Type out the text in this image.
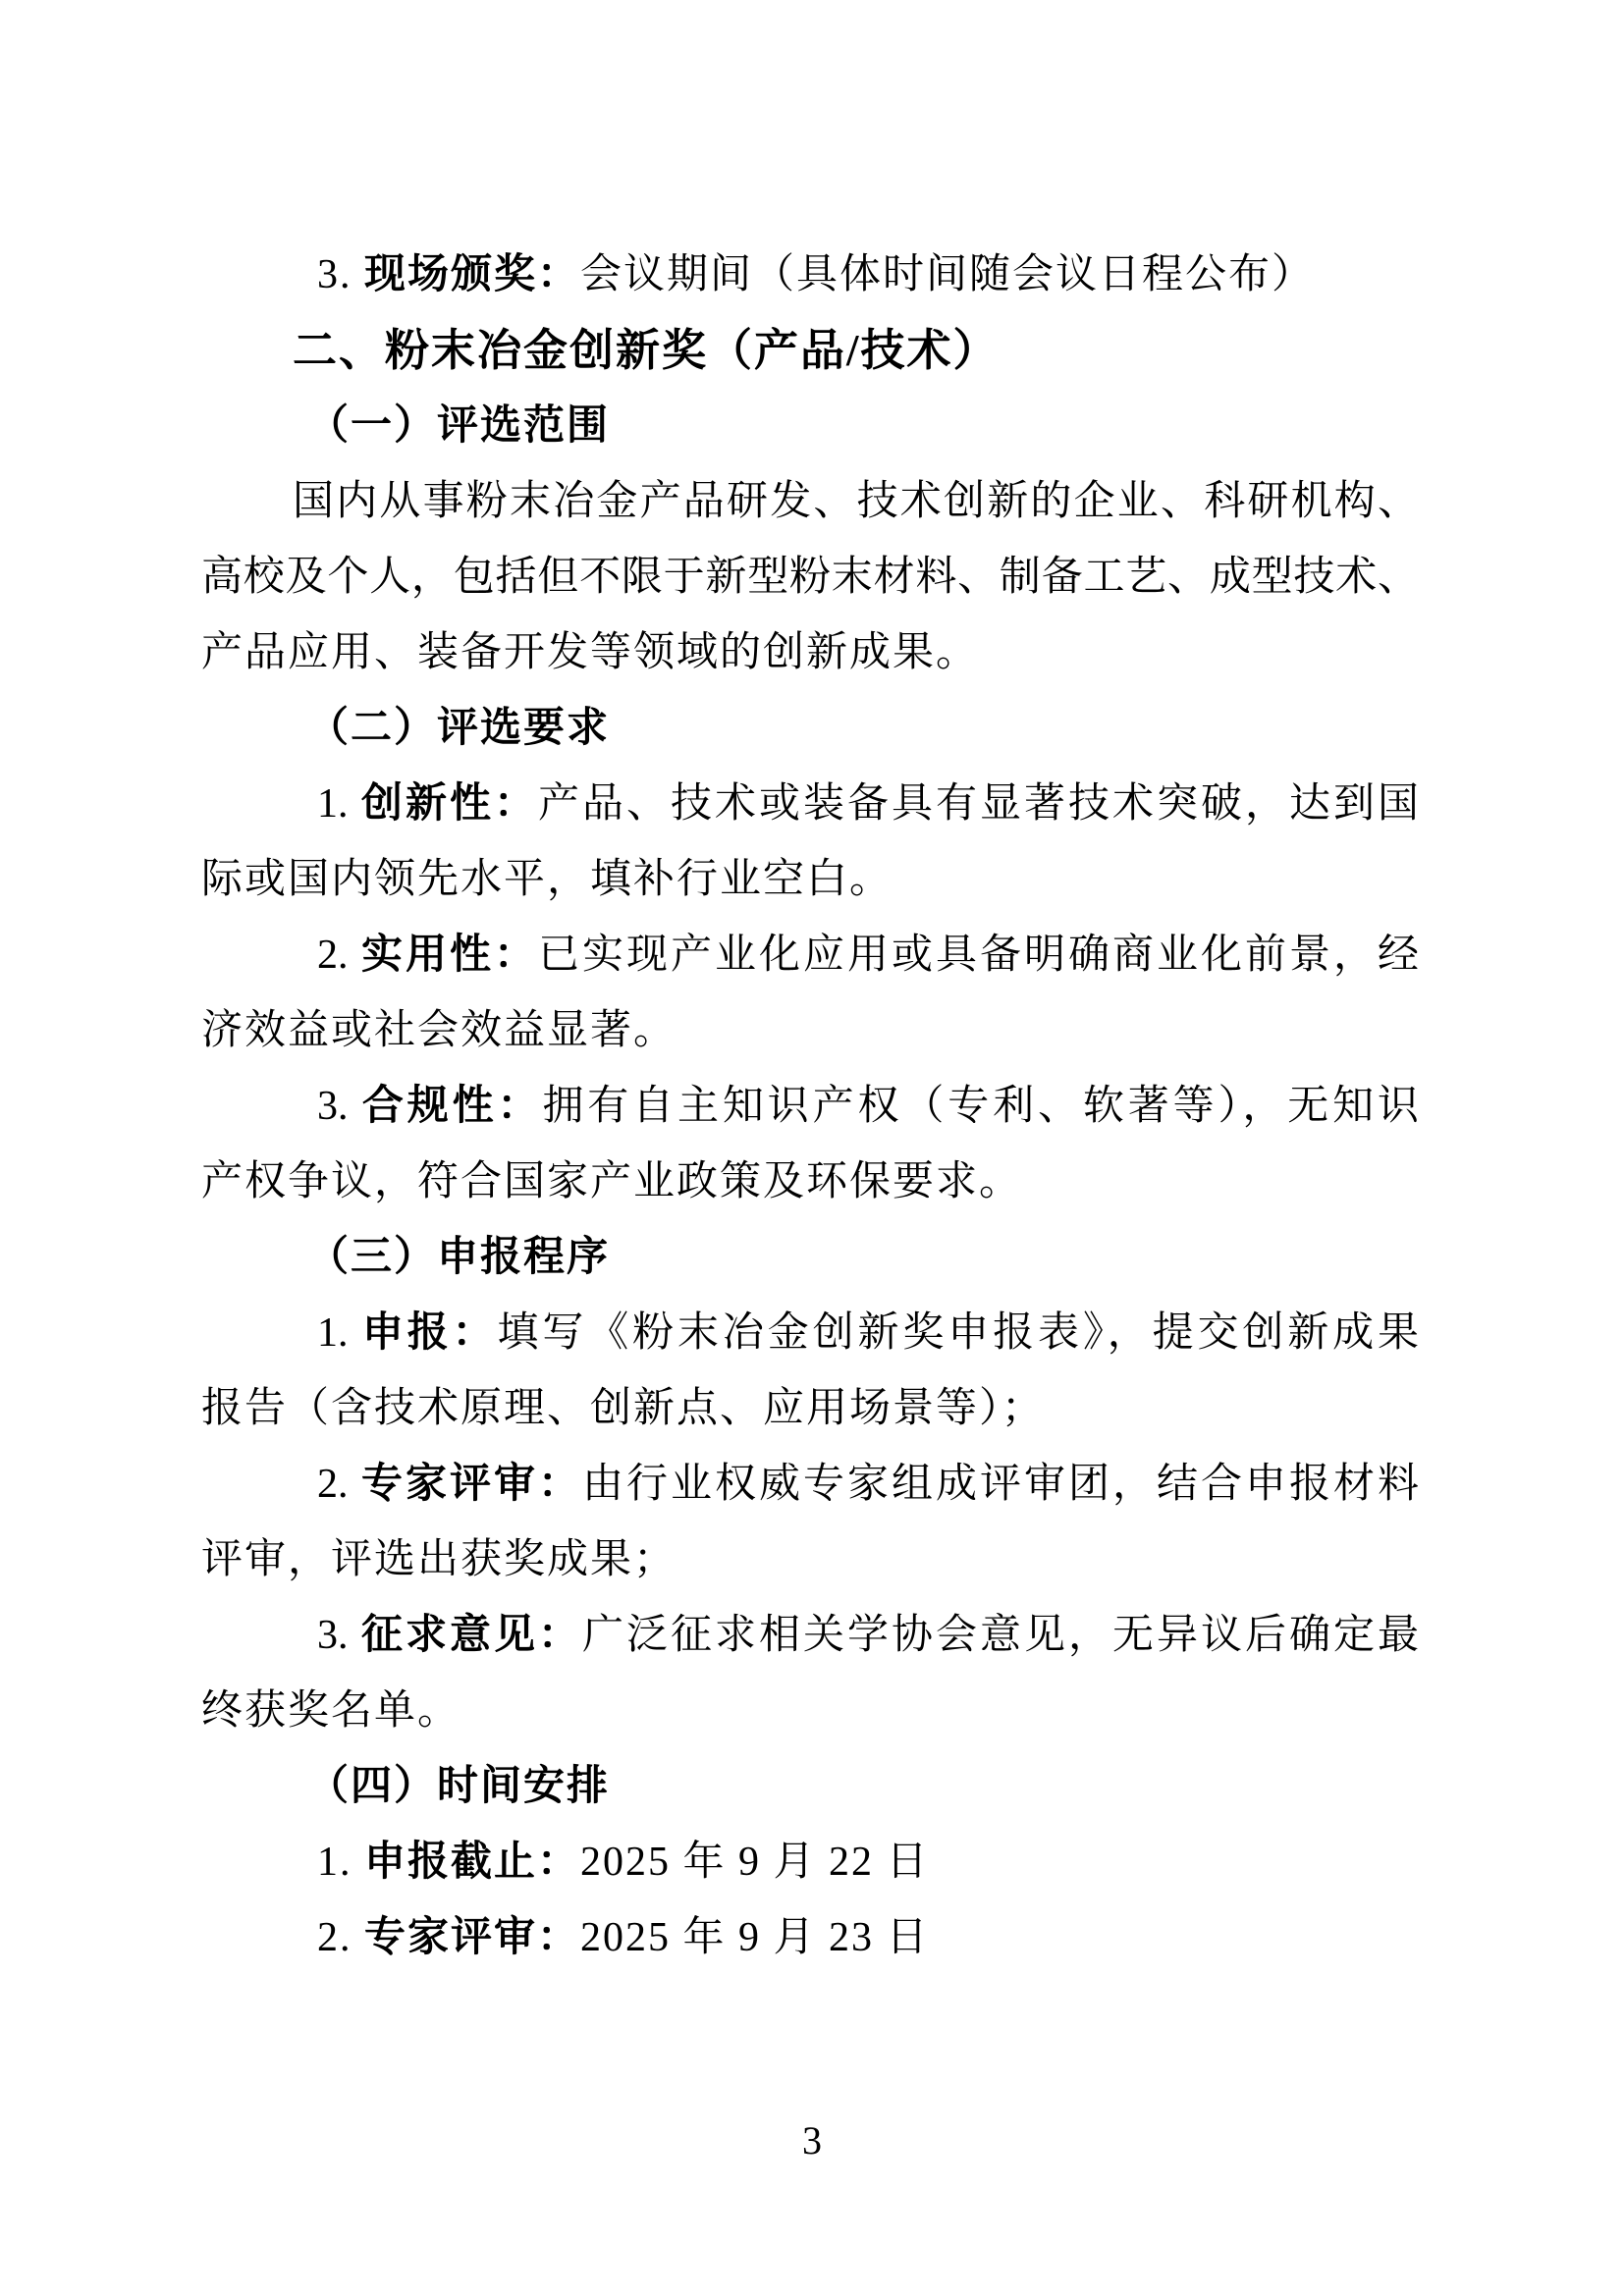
3. 现场颁奖：会议期间（具体时间随会议日程公布）
二、粉末冶金创新奖（产品/技术）
（一）评选范围
国内从事粉末冶金产品研发、技术创新的企业、科研机构、
高校及个人，包括但不限于新型粉末材料、制备工艺、成型技术、
产品应用、装备开发等领域的创新成果。
（二）评选要求
1. 创新性：产品、技术或装备具有显著技术突破，达到国
际或国内领先水平，填补行业空白。
2. 实用性：已实现产业化应用或具备明确商业化前景，经
济效益或社会效益显著。
3. 合规性：拥有自主知识产权（专利、软著等），无知识
产权争议，符合国家产业政策及环保要求。
（三）申报程序
1. 申报：填写《粉末冶金创新奖申报表》，提交创新成果
报告（含技术原理、创新点、应用场景等）；
2. 专家评审：由行业权威专家组成评审团，结合申报材料
评审，评选出获奖成果；
3. 征求意见：广泛征求相关学协会意见，无异议后确定最
终获奖名单。
（四）时间安排
1. 申报截止：2025 年 9 月 22 日
2. 专家评审：2025 年 9 月 23 日
3
